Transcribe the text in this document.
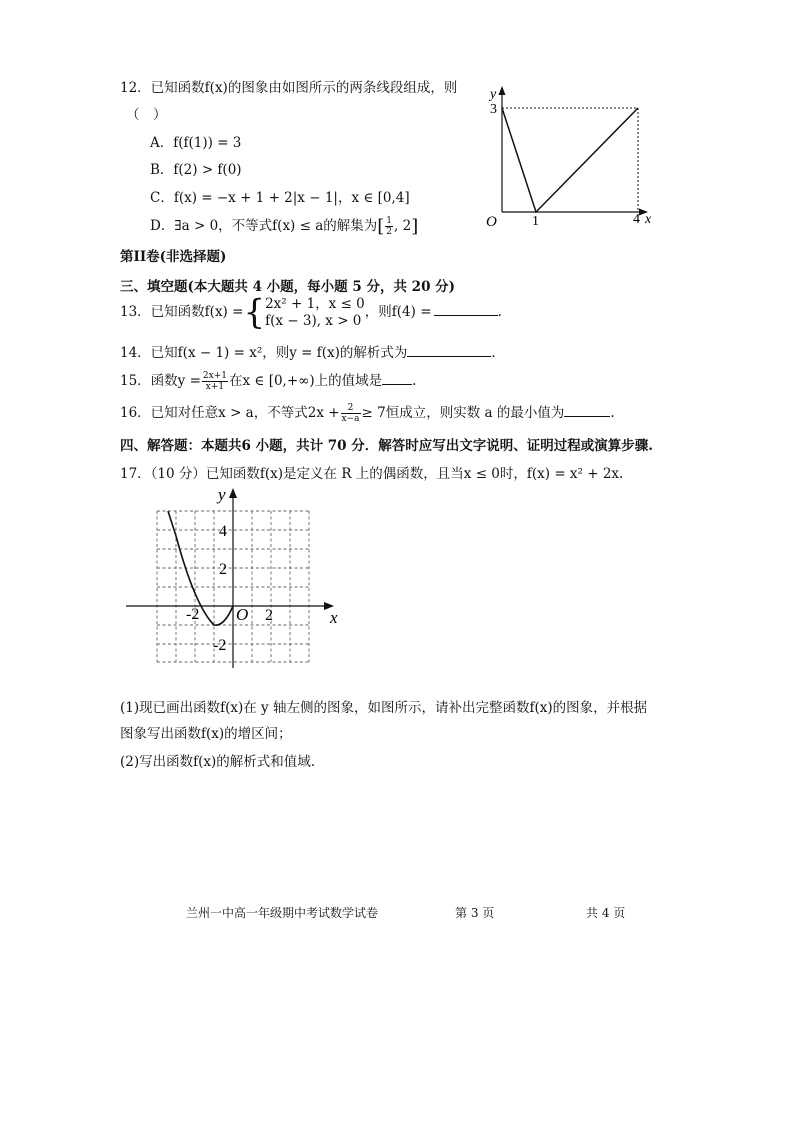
12．已知函数f(x)的图象由如图所示的两条线段组成，则
（　）
A．f(f(1)) = 3
B．f(2) > f(0)
C．f(x) = −x + 1 + 2|x − 1|，x ∈ [0,4]
D．∃a > 0，不等式f(x) ≤ a的解集为[ $\frac{1}{2}$ , 2]
y
3
O	1	4 x
第II卷(非选择题)
三、填空题(本大题共 4 小题，每小题 5 分，共 20 分)
13．已知函数f(x) ={ 2x² + 1，x ≤ 0
f(x − 3), x > 0
，则f(4) =	.
14．已知f(x − 1) = x²，则y = f(x)的解析式为	.
15．函数$y = \frac{2x+1}{x+1}$ 在x ∈ [0,+∞)上的值域是 .
16．已知对任意x > a，不等式$2x + \frac{2}{x-a} \ge 7$恒成立，则实数 a 的最小值为	.
四、解答题：本题共6 小题，共计 70 分．解答时应写出文字说明、证明过程或演算步骤.
17．（10 分）已知函数f(x)是定义在 R 上的偶函数，且当x ≤ 0时，f(x) = x² + 2x.
y
4
2
-2
-2 O 2	x
(1)现已画出函数f(x)在 y 轴左侧的图象，如图所示，请补出完整函数f(x)的图象，并根据
图象写出函数f(x)的增区间；
(2)写出函数f(x)的解析式和值域.
兰州一中高一年级期中考试数学试卷	第 3 页	共 4 页
